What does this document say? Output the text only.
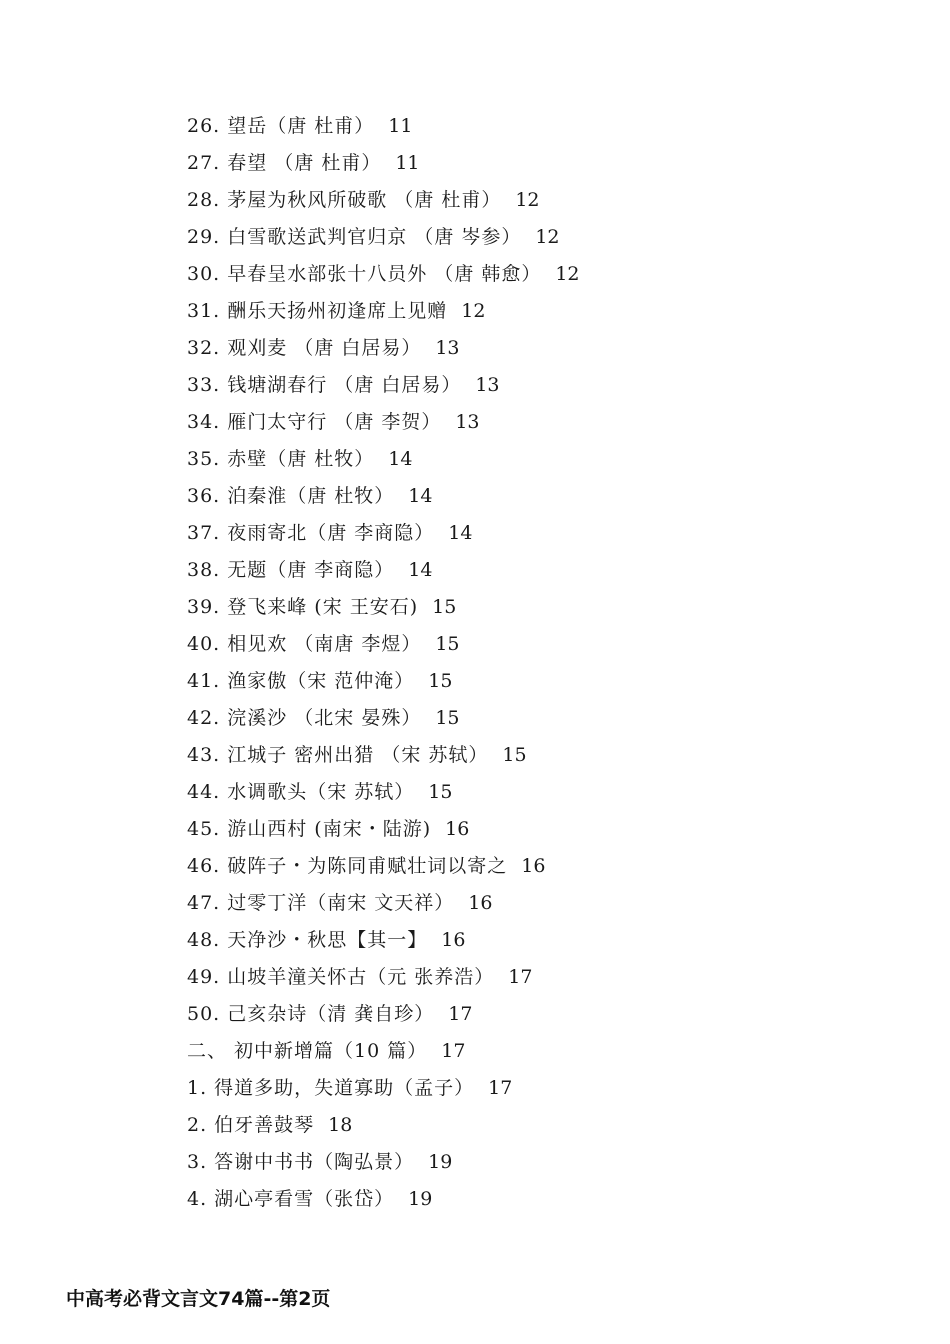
26. 望岳（唐 杜甫） 11
27. 春望 （唐 杜甫） 11
28. 茅屋为秋风所破歌 （唐 杜甫） 12
29. 白雪歌送武判官归京 （唐 岑参） 12
30. 早春呈水部张十八员外 （唐 韩愈） 12
31. 酬乐天扬州初逢席上见赠 12
32. 观刈麦 （唐 白居易） 13
33. 钱塘湖春行 （唐 白居易） 13
34. 雁门太守行 （唐 李贺） 13
35. 赤壁（唐 杜牧） 14
36. 泊秦淮（唐 杜牧） 14
37. 夜雨寄北（唐 李商隐） 14
38. 无题（唐 李商隐） 14
39. 登飞来峰 (宋 王安石) 15
40. 相见欢 （南唐 李煜） 15
41. 渔家傲（宋 范仲淹） 15
42. 浣溪沙 （北宋 晏殊） 15
43. 江城子 密州出猎 （宋 苏轼） 15
44. 水调歌头（宋 苏轼） 15
45. 游山西村 (南宋・陆游) 16
46. 破阵子・为陈同甫赋壮词以寄之 16
47. 过零丁洋（南宋 文天祥） 16
48. 天净沙・秋思【其一】 16
49. 山坡羊潼关怀古（元 张养浩） 17
50. 己亥杂诗（清 龚自珍） 17
二、 初中新增篇（10 篇） 17
1. 得道多助，失道寡助（孟子） 17
2. 伯牙善鼓琴 18
3. 答谢中书书（陶弘景） 19
4. 湖心亭看雪（张岱） 19
中高考必背文言文74篇--第2页
